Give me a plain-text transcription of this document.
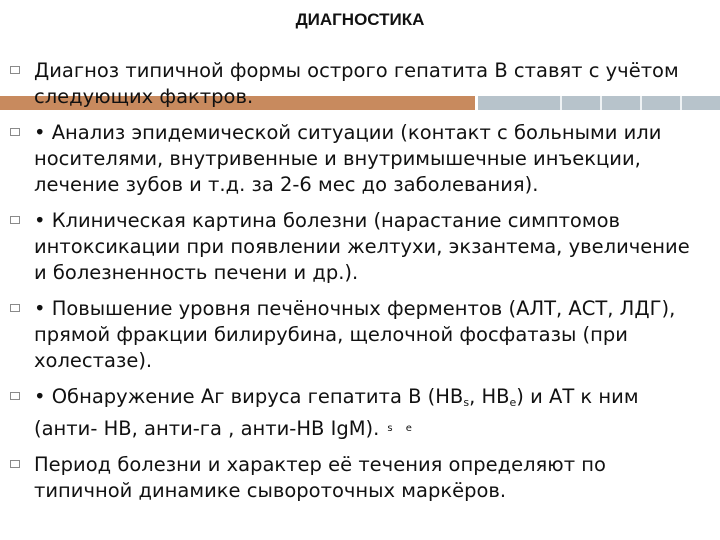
ДИАГНОСТИКА
Диагноз типичной формы острого гепатита В ставят с учётом следующих фактров.
• Анализ эпидемической ситуации (контакт с больными или носителями, внутривенные и внутримышечные инъекции, лечение зубов и т.д. за 2-6 мес до заболевания).
• Клиническая картина болезни (нарастание симптомов интоксикации при появлении желтухи, экзантема, увеличение и болезненность печени и др.).
• Повышение уровня печёночных ферментов (АЛТ, АСТ, ЛДГ), прямой фракции билирубина, щелочной фосфатазы (при холестазе).
• Обнаружение Аг вируса гепатита В ($НВ_s$, $НВ_e$) и АТ к ним (анти- НВ, анти-га , анти-НВ IgM). $^{s e}$
Период болезни и характер её течения определяют по типичной динамике сывороточных маркёров.
